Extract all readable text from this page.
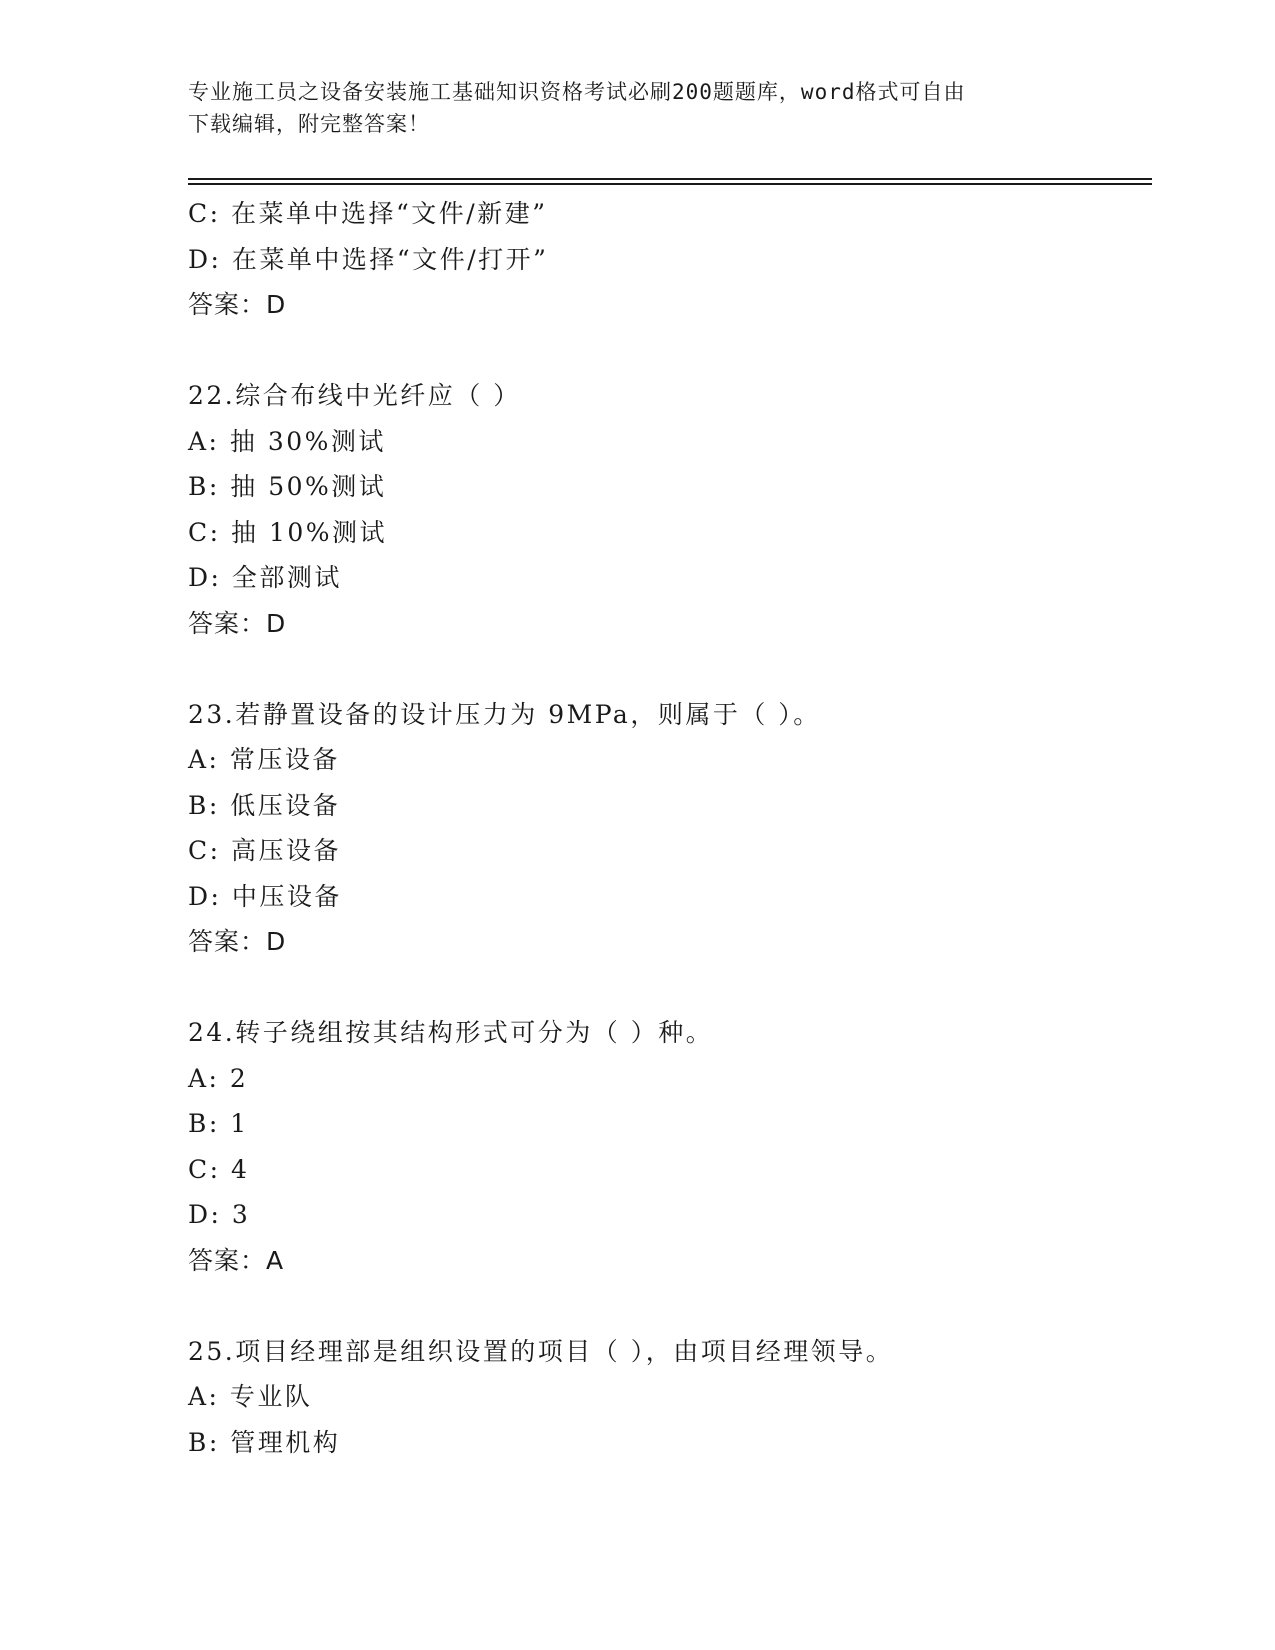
专业施工员之设备安装施工基础知识资格考试必刷200题题库，word格式可自由
下载编辑，附完整答案！
C: 在菜单中选择“文件/新建”
D: 在菜单中选择“文件/打开”
答案：D
22.综合布线中光纤应（ ）
A: 抽 30%测试
B: 抽 50%测试
C: 抽 10%测试
D: 全部测试
答案：D
23.若静置设备的设计压力为 9MPa，则属于（ ）。
A: 常压设备
B: 低压设备
C: 高压设备
D: 中压设备
答案：D
24.转子绕组按其结构形式可分为（ ）种。
A: 2
B: 1
C: 4
D: 3
答案：A
25.项目经理部是组织设置的项目（ ），由项目经理领导。
A: 专业队
B: 管理机构
